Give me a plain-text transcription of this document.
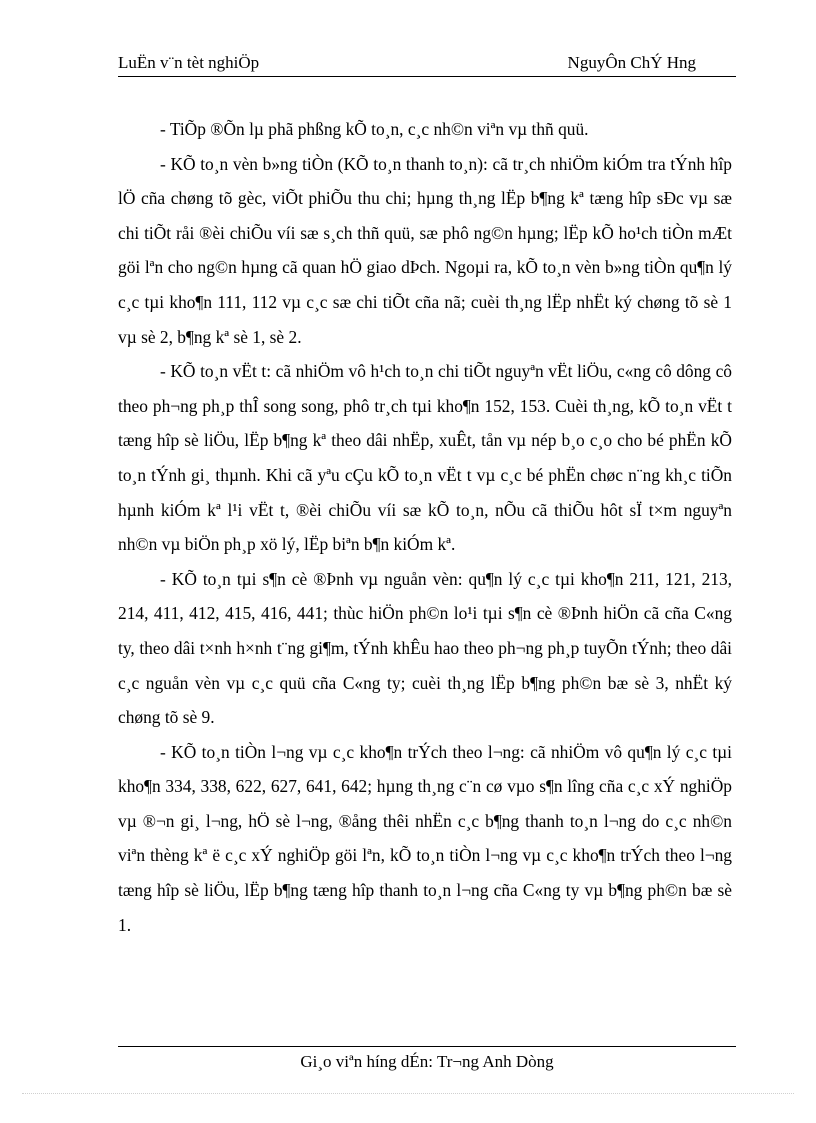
LuËn v¨n tèt nghiÖp	NguyÔn ChÝ Hng

- TiÕp ®Õn lµ phã phßng kÕ to¸n, c¸c nh©n viªn vµ thñ quü.

- KÕ to¸n vèn b»ng tiÒn (KÕ to¸n thanh to¸n): cã tr¸ch nhiÖm kiÓm tra tÝnh hîp lÖ cña chøng tõ gèc, viÕt phiÕu thu chi; hµng th¸ng lËp b¶ng kª tæng hîp sÐc vµ sæ chi tiÕt råi ®èi chiÕu víi sæ s¸ch thñ quü, sæ phô ng©n hµng; lËp kÕ ho¹ch tiÒn mÆt göi lªn cho ng©n hµng cã quan hÖ giao dÞch. Ngoµi ra, kÕ to¸n vèn b»ng tiÒn qu¶n lý c¸c tµi kho¶n 111, 112 vµ c¸c sæ chi tiÕt cña nã; cuèi th¸ng lËp nhËt ký chøng tõ sè 1 vµ sè 2, b¶ng kª sè 1, sè 2.

- KÕ to¸n vËt t: cã nhiÖm vô h¹ch to¸n chi tiÕt nguyªn vËt liÖu, c«ng cô dông cô theo ph¬ng ph¸p thÎ song song, phô tr¸ch tµi kho¶n 152, 153. Cuèi th¸ng, kÕ to¸n vËt t tæng hîp sè liÖu, lËp b¶ng kª theo dâi nhËp, xuÊt, tån vµ nép b¸o c¸o cho bé phËn kÕ to¸n tÝnh gi¸ thµnh. Khi cã yªu cÇu kÕ to¸n vËt t vµ c¸c bé phËn chøc n¨ng kh¸c tiÕn hµnh kiÓm kª l¹i vËt t, ®èi chiÕu víi sæ kÕ to¸n, nÕu cã thiÕu hôt sÏ t×m nguyªn nh©n vµ biÖn ph¸p xö lý, lËp biªn b¶n kiÓm kª.

- KÕ to¸n tµi s¶n cè ®Þnh vµ nguån vèn: qu¶n lý c¸c tµi kho¶n 211, 121, 213, 214, 411, 412, 415, 416, 441; thùc hiÖn ph©n lo¹i tµi s¶n cè ®Þnh hiÖn cã cña C«ng ty, theo dâi t×nh h×nh t¨ng gi¶m, tÝnh khÊu hao theo ph¬ng ph¸p tuyÕn tÝnh; theo dâi c¸c nguån vèn vµ c¸c quü cña C«ng ty; cuèi th¸ng lËp b¶ng ph©n bæ sè 3, nhËt ký chøng tõ sè 9.

- KÕ to¸n tiÒn l¬ng vµ c¸c kho¶n trÝch theo l¬ng: cã nhiÖm vô qu¶n lý c¸c tµi kho¶n 334, 338, 622, 627, 641, 642; hµng th¸ng c¨n cø vµo s¶n lîng cña c¸c xÝ nghiÖp vµ ®¬n gi¸ l¬ng, hÖ sè l¬ng, ®ång thêi nhËn c¸c b¶ng thanh to¸n l¬ng do c¸c nh©n viªn thèng kª ë c¸c xÝ nghiÖp göi lªn, kÕ to¸n tiÒn l¬ng vµ c¸c kho¶n trÝch theo l¬ng tæng hîp sè liÖu, lËp b¶ng tæng hîp thanh to¸n l¬ng cña C«ng ty vµ b¶ng ph©n bæ sè 1.

Gi¸o viªn híng dÉn: Tr¬ng Anh Dòng
